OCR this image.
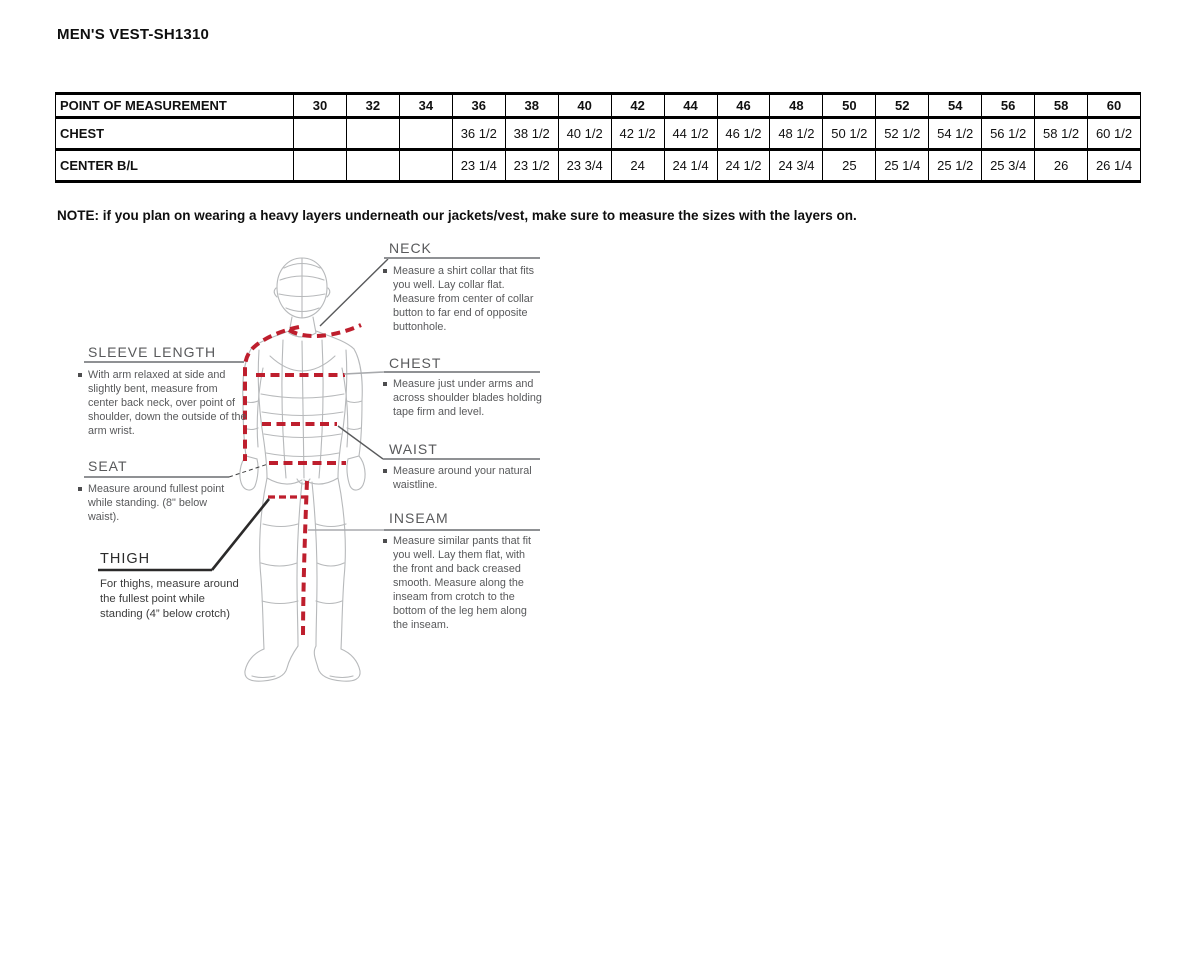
MEN'S VEST-SH1310
POINT OF MEASUREMENT	30	32	34	36	38	40	42	44	46	48	50	52	54	56	58	60
CHEST				36 1/2	38 1/2	40 1/2	42 1/2	44 1/2	46 1/2	48 1/2	50 1/2	52 1/2	54 1/2	56 1/2	58 1/2	60 1/2
CENTER B/L				23 1/4	23 1/2	23 3/4	24	24 1/4	24 1/2	24 3/4	25	25 1/4	25 1/2	25 3/4	26	26 1/4
NOTE: if you plan on wearing a heavy layers underneath our jackets/vest, make sure to measure the sizes with the layers on.
NECK
Measure a shirt collar that fits you well. Lay collar flat. Measure from center of collar button to far end of opposite buttonhole.
SLEEVE LENGTH
With arm relaxed at side and slightly bent, measure from center back neck, over point of shoulder, down the outside of the arm wrist.
CHEST
Measure just under arms and across shoulder blades holding tape firm and level.
WAIST
Measure around your natural waistline.
SEAT
Measure around fullest point while standing. (8" below waist).	INSEAM
Measure similar pants that fit you well. Lay them flat, with the front and back creased smooth. Measure along the inseam from crotch to the bottom of the leg hem along the inseam.
THIGH
For thighs, measure around the fullest point while standing (4” below crotch)
